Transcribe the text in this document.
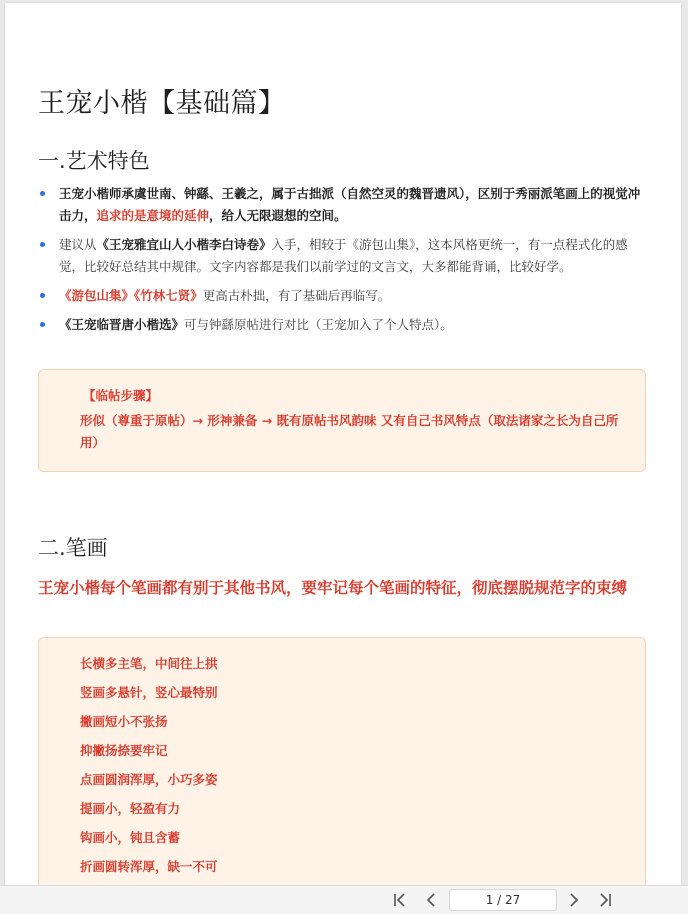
王宠小楷【基础篇】
一.艺术特色
王宠小楷师承虞世南、钟繇、王羲之，属于古拙派（自然空灵的魏晋遗风），区别于秀丽派笔画上的视觉冲击力，追求的是意境的延伸，给人无限遐想的空间。
建议从《王宠雅宜山人小楷李白诗卷》入手，相较于《游包山集》，这本风格更统一，有一点程式化的感觉，比较好总结其中规律。文字内容都是我们以前学过的文言文，大多都能背诵，比较好学。
《游包山集》《竹林七贤》更高古朴拙，有了基础后再临写。
《王宠临晋唐小楷选》可与钟繇原帖进行对比（王宠加入了个人特点）。
【临帖步骤】
形似（尊重于原帖）→ 形神兼备 → 既有原帖书风韵味 又有自己书风特点（取法诸家之长为自己所用）
二.笔画

王宠小楷每个笔画都有别于其他书风，要牢记每个笔画的特征，彻底摆脱规范字的束缚

长横多主笔，中间往上拱
竖画多悬针，竖心最特别
撇画短小不张扬
抑撇扬捺要牢记
点画圆润浑厚，小巧多姿
提画小，轻盈有力
钩画小，钝且含蓄
折画圆转浑厚，缺一不可
1 / 27
